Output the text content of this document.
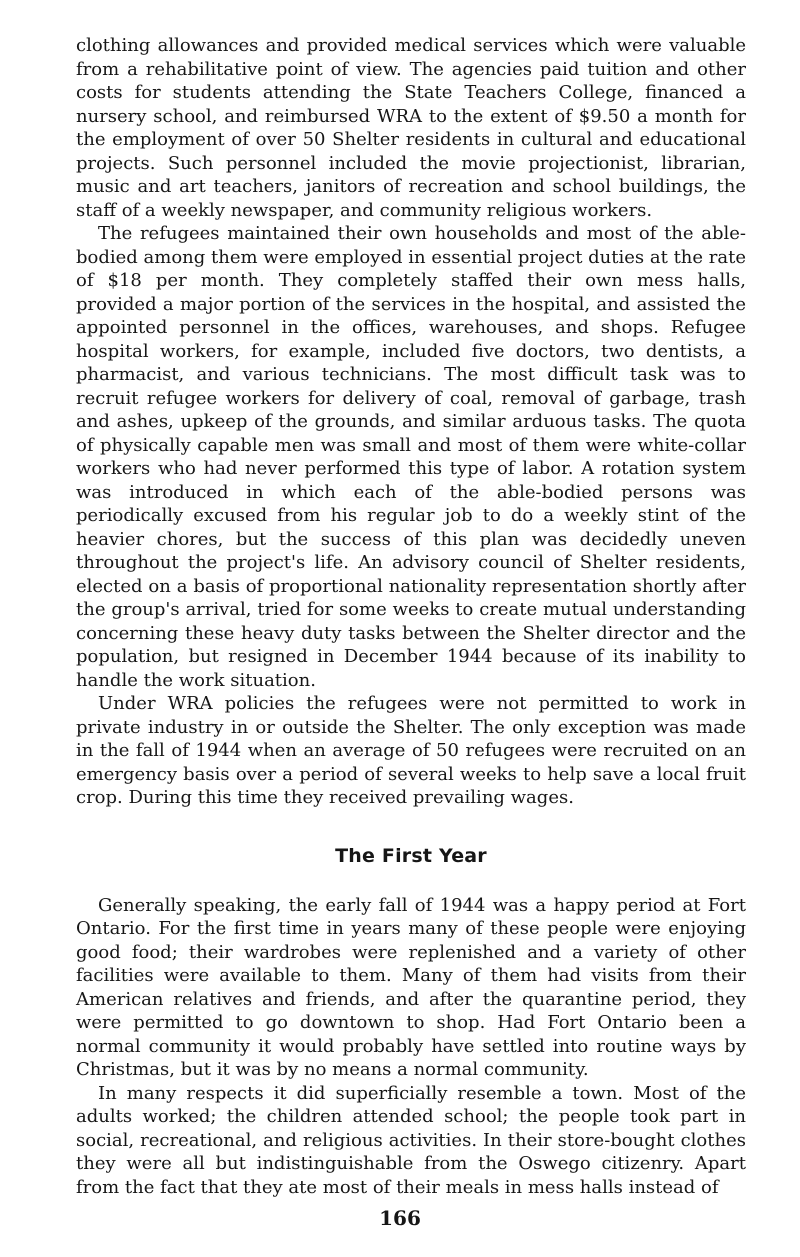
clothing allowances and provided medical services which were valuable from a rehabilitative point of view. The agencies paid tuition and other costs for students attending the State Teachers College, financed a nursery school, and reimbursed WRA to the extent of $9.50 a month for the employment of over 50 Shelter residents in cultural and educational projects. Such personnel included the movie projectionist, librarian, music and art teachers, janitors of recreation and school buildings, the staff of a weekly newspaper, and community religious workers.

The refugees maintained their own households and most of the able-bodied among them were employed in essential project duties at the rate of $18 per month. They completely staffed their own mess halls, provided a major portion of the services in the hospital, and assisted the appointed personnel in the offices, warehouses, and shops. Refugee hospital workers, for example, included five doctors, two dentists, a pharmacist, and various technicians. The most difficult task was to recruit refugee workers for delivery of coal, removal of garbage, trash and ashes, upkeep of the grounds, and similar arduous tasks. The quota of physically capable men was small and most of them were white-collar workers who had never performed this type of labor. A rotation system was introduced in which each of the able-bodied persons was periodically excused from his regular job to do a weekly stint of the heavier chores, but the success of this plan was decidedly uneven throughout the project's life. An advisory council of Shelter residents, elected on a basis of proportional nationality representation shortly after the group's arrival, tried for some weeks to create mutual understanding concerning these heavy duty tasks between the Shelter director and the population, but resigned in December 1944 because of its inability to handle the work situation.

Under WRA policies the refugees were not permitted to work in private industry in or outside the Shelter. The only exception was made in the fall of 1944 when an average of 50 refugees were recruited on an emergency basis over a period of several weeks to help save a local fruit crop. During this time they received prevailing wages.

The First Year

Generally speaking, the early fall of 1944 was a happy period at Fort Ontario. For the first time in years many of these people were enjoying good food; their wardrobes were replenished and a variety of other facilities were available to them. Many of them had visits from their American relatives and friends, and after the quarantine period, they were permitted to go downtown to shop. Had Fort Ontario been a normal community it would probably have settled into routine ways by Christmas, but it was by no means a normal community.

In many respects it did superficially resemble a town. Most of the adults worked; the children attended school; the people took part in social, recreational, and religious activities. In their store-bought clothes they were all but indistinguishable from the Oswego citizenry. Apart from the fact that they ate most of their meals in mess halls instead of

166
